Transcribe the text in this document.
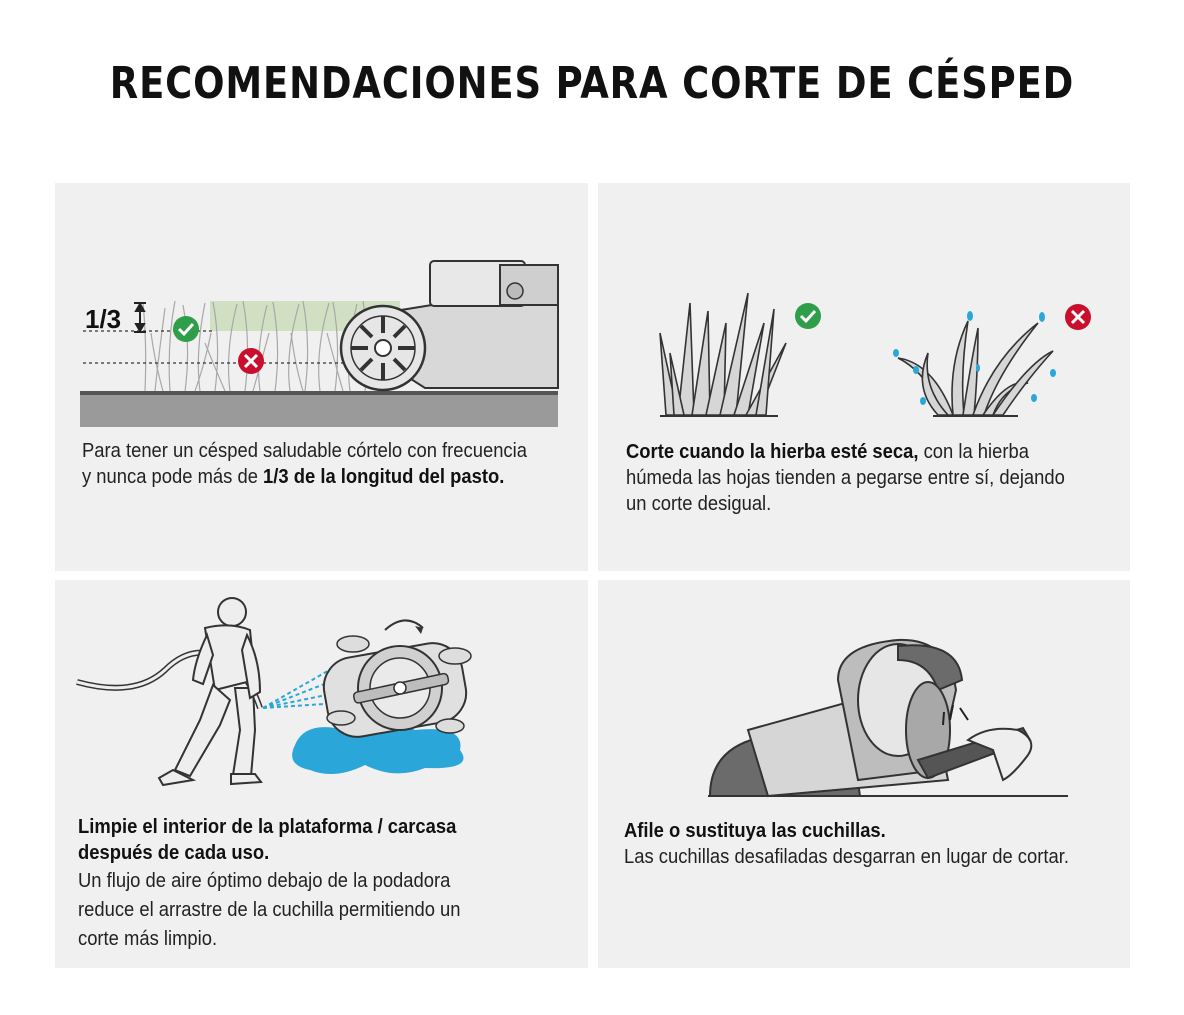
RECOMENDACIONES PARA CORTE DE CÉSPED
1/3
Para tener un césped saludable córtelo con frecuencia
y nunca pode más de 1/3 de la longitud del pasto.
Corte cuando la hierba esté seca, con la hierba
húmeda las hojas tienden a pegarse entre sí, dejando
un corte desigual.
Limpie el interior de la plataforma / carcasa
después de cada uso.
Un flujo de aire óptimo debajo de la podadora
reduce el arrastre de la cuchilla permitiendo un
corte más limpio.
Afile o sustituya las cuchillas.
Las cuchillas desafiladas desgarran en lugar de cortar.
